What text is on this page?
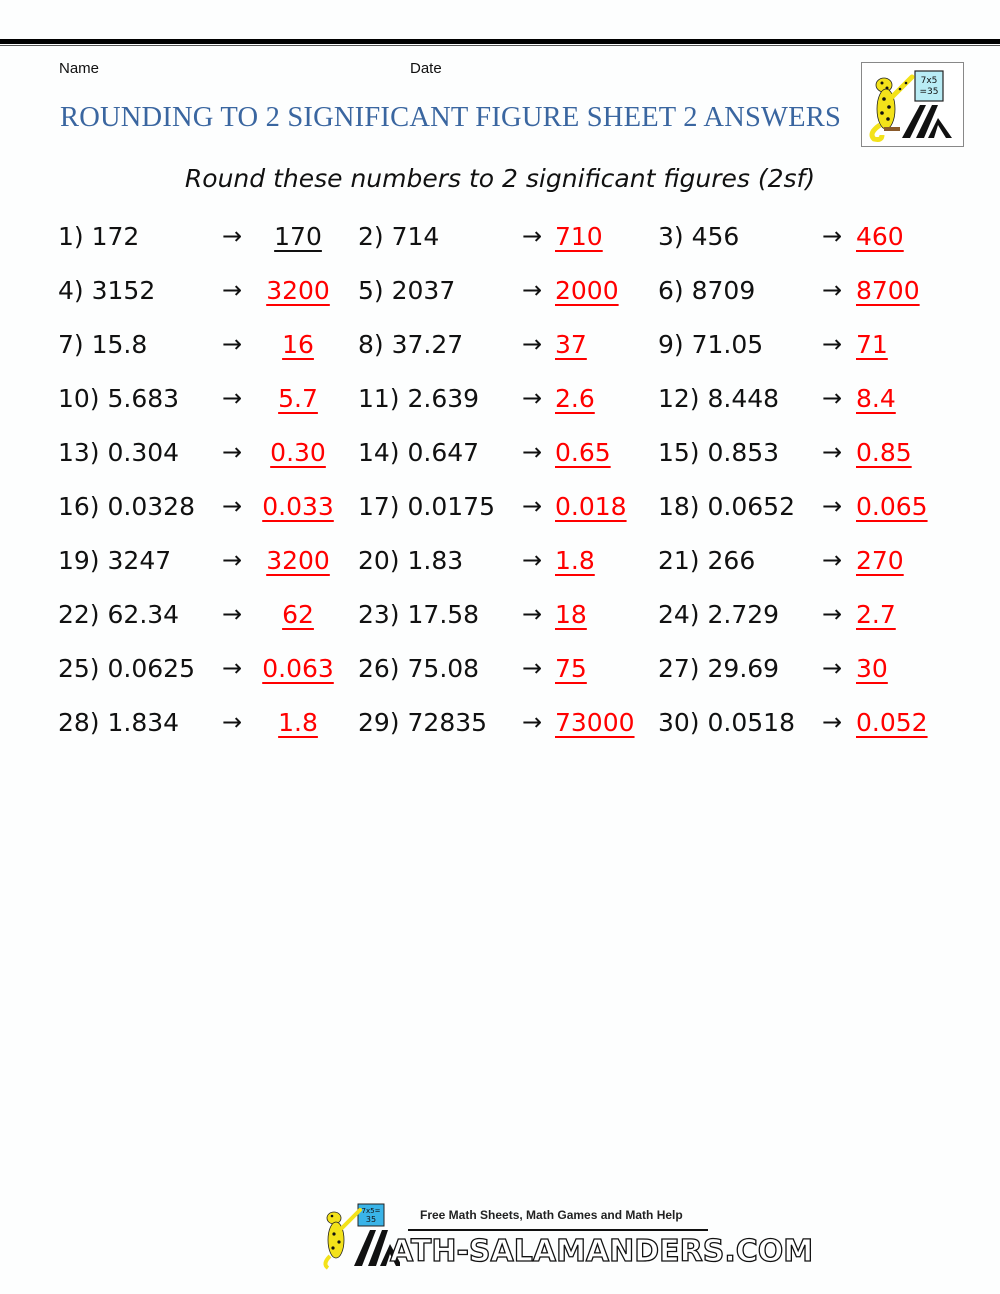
Name	Date
ROUNDING TO 2 SIGNIFICANT FIGURE SHEET 2 ANSWERS
7x5
=35
Round these numbers to 2 significant figures (2sf)
1) 172	→ 170 2) 714	→ 710 3) 456	→ 460
4) 3152	→ 3200 5) 2037	→ 2000 6) 8709	→ 8700
7) 15.8	→ 16 8) 37.27 → 37	9) 71.05 → 71
10) 5.683 → 5.7 11) 2.639 → 2.6	12) 8.448 → 8.4
13) 0.304 → 0.30 14) 0.647 → 0.65 15) 0.853 → 0.85
16) 0.0328 → 0.033 17) 0.0175 → 0.018 18) 0.0652 → 0.065
19) 3247 → 3200 20) 1.83 → 1.8	21) 266	→ 270
22) 62.34 → 62 23) 17.58 → 18	24) 2.729 → 2.7
25) 0.0625 → 0.063 26) 75.08 → 75	27) 29.69 → 30
28) 1.834 → 1.8 29) 72835 → 73000 30) 0.0518 → 0.052
7x5=
35	Free Math Sheets, Math Games and Math Help
ATH-SALAMANDERS.COM
